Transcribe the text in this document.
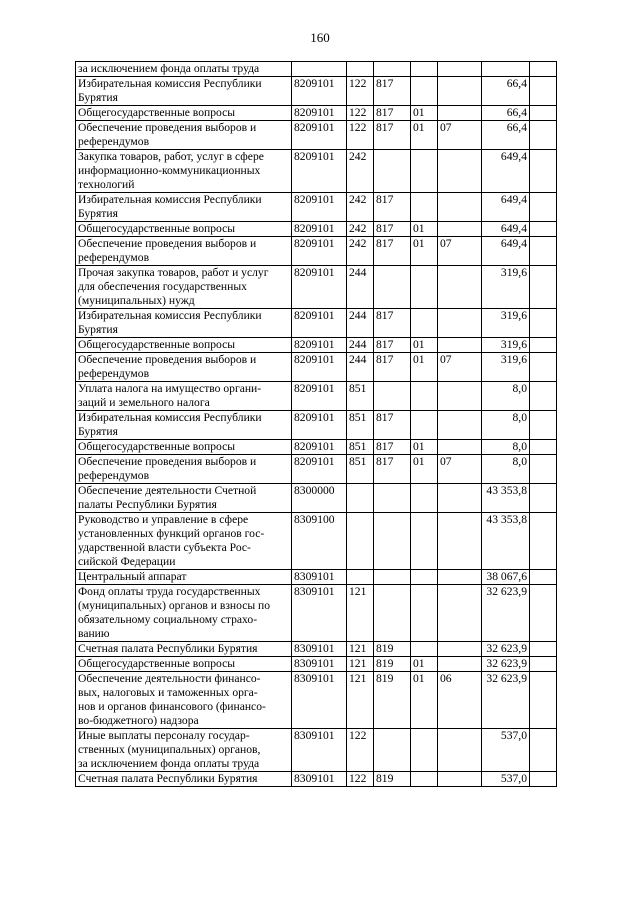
160
за исключением фонда оплаты труда							

Избирательная комиссия Республики
Бурятия	8209101	122	817			66,4	

Общегосударственные вопросы	8209101	122	817	01		66,4	

Обеспечение проведения выборов и
референдумов	8209101	122	817	01	07	66,4	

Закупка товаров, работ, услуг в сфере
информационно-коммуникационных
технологий	8209101	242				649,4	

Избирательная комиссия Республики
Бурятия	8209101	242	817			649,4	

Общегосударственные вопросы	8209101	242	817	01		649,4	

Обеспечение проведения выборов и
референдумов	8209101	242	817	01	07	649,4	

Прочая закупка товаров, работ и услуг
для обеспечения государственных
(муниципальных) нужд	8209101	244				319,6	

Избирательная комиссия Республики
Бурятия	8209101	244	817			319,6	

Общегосударственные вопросы	8209101	244	817	01		319,6	

Обеспечение проведения выборов и
референдумов	8209101	244	817	01	07	319,6	

Уплата налога на имущество органи-
заций и земельного налога	8209101	851				8,0	

Избирательная комиссия Республики
Бурятия	8209101	851	817			8,0	

Общегосударственные вопросы	8209101	851	817	01		8,0	

Обеспечение проведения выборов и
референдумов	8209101	851	817	01	07	8,0	

Обеспечение деятельности Счетной
палаты Республики Бурятия	8300000					43 353,8	

Руководство и управление в сфере
установленных функций органов гос-
ударственной власти субъекта Рос-
сийской Федерации	8309100					43 353,8	

Центральный аппарат	8309101					38 067,6	

Фонд оплаты труда государственных
(муниципальных) органов и взносы по
обязательному социальному страхо-
ванию	8309101	121				32 623,9	

Счетная палата Республики Бурятия	8309101	121	819			32 623,9	

Общегосударственные вопросы	8309101	121	819	01		32 623,9	

Обеспечение деятельности финансо-
вых, налоговых и таможенных орга-
нов и органов финансового (финансо-
во-бюджетного) надзора	8309101	121	819	01	06	32 623,9	

Иные выплаты персоналу государ-
ственных (муниципальных) органов,
за исключением фонда оплаты труда	8309101	122				537,0	

Счетная палата Республики Бурятия	8309101	122	819			537,0	
